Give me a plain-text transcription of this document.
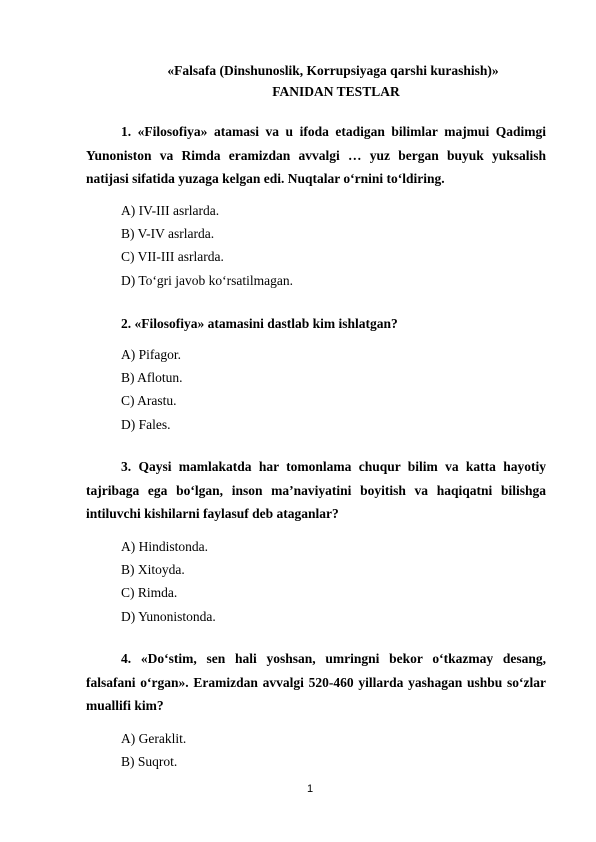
«Falsafa (Dinshunoslik, Korrupsiyaga qarshi kurashish)»
FANIDAN TESTLAR
1. «Filosofiya» atamasi va u ifoda etadigan bilimlar majmui Qadimgi Yunoniston va Rimda eramizdan avvalgi … yuz bergan buyuk yuksalish natijasi sifatida yuzaga kelgan edi. Nuqtalar o‘rnini to‘ldiring.
A) IV-III asrlarda.
B) V-IV asrlarda.
C) VII-III asrlarda.
D) To‘gri javob ko‘rsatilmagan.
2. «Filosofiya» atamasini dastlab kim ishlatgan?
A) Pifagor.
B) Aflotun.
C) Arastu.
D) Fales.
3. Qaysi mamlakatda har tomonlama chuqur bilim va katta hayotiy tajribaga ega bo‘lgan, inson ma’naviyatini boyitish va haqiqatni bilishga intiluvchi kishilarni faylasuf deb ataganlar?
A) Hindistonda.
B) Xitoyda.
C) Rimda.
D) Yunonistonda.
4. «Do‘stim, sen hali yoshsan, umringni bekor o‘tkazmay desang, falsafani o‘rgan». Eramizdan avvalgi 520-460 yillarda yashagan ushbu so‘zlar muallifi kim?
A) Geraklit.
B) Suqrot.
1
